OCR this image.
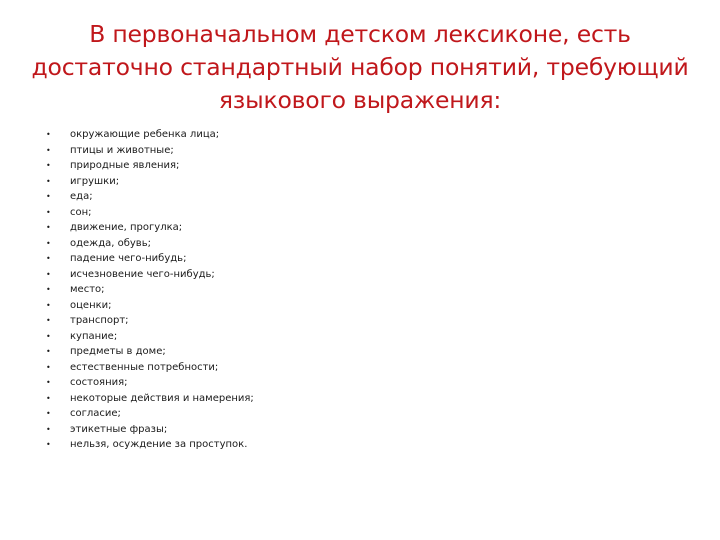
В первоначальном детском лексиконе, есть достаточно стандартный набор понятий, требующий языкового выражения:
•	окружающие ребенка лица;
•	птицы и животные;
•	природные явления;
•	игрушки;
•	еда;
•	сон;
•	движение, прогулка;
•	одежда, обувь;
•	падение чего-нибудь;
•	исчезновение чего-нибудь;
•	место;
•	оценки;
•	транспорт;
•	купание;
•	предметы в доме;
•	естественные потребности;
•	состояния;
•	некоторые действия и намерения;
•	согласие;
•	этикетные фразы;
•	нельзя, осуждение за проступок.
